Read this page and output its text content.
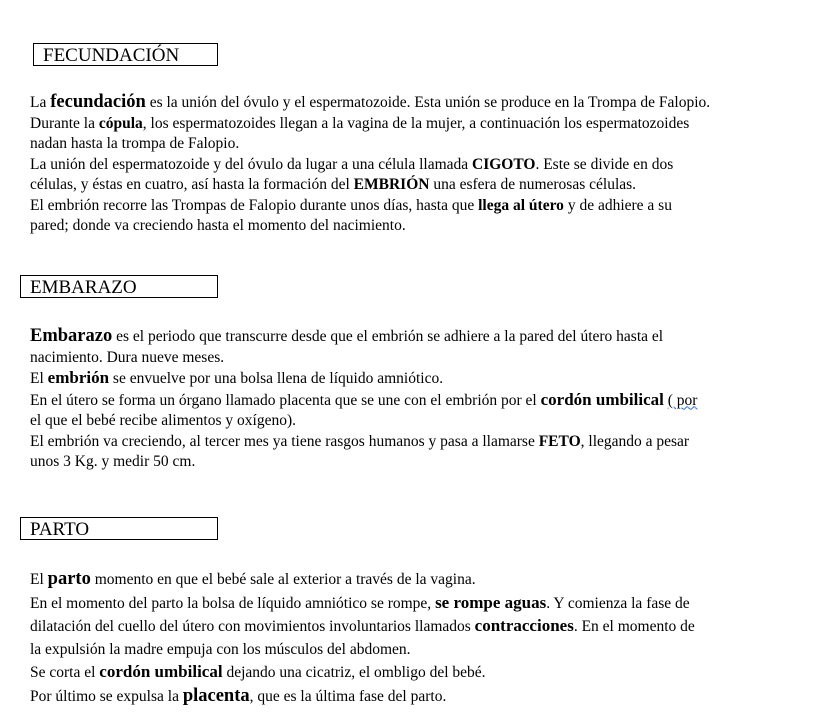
FECUNDACIÓN
La fecundación es la unión del óvulo y el espermatozoide. Esta unión se produce en la Trompa de Falopio.
Durante la cópula, los espermatozoides llegan a la vagina de la mujer, a continuación los espermatozoides
nadan hasta la trompa de Falopio.
La unión del espermatozoide y del óvulo da lugar a una célula llamada CIGOTO. Este se divide en dos
células, y éstas en cuatro, así hasta la formación del EMBRIÓN una esfera de numerosas células.
El embrión recorre las Trompas de Falopio durante unos días, hasta que llega al útero y de adhiere a su
pared; donde va creciendo hasta el momento del nacimiento.
EMBARAZO
Embarazo es el periodo que transcurre desde que el embrión se adhiere a la pared del útero hasta el
nacimiento. Dura nueve meses.
El embrión se envuelve por una bolsa llena de líquido amniótico.
En el útero se forma un órgano llamado placenta que se une con el embrión por el cordón umbilical ( por
el que el bebé recibe alimentos y oxígeno).
El embrión va creciendo, al tercer mes ya tiene rasgos humanos y pasa a llamarse FETO, llegando a pesar
unos 3 Kg. y medir 50 cm.
PARTO
El parto momento en que el bebé sale al exterior a través de la vagina.
En el momento del parto la bolsa de líquido amniótico se rompe, se rompe aguas. Y comienza la fase de
dilatación del cuello del útero con movimientos involuntarios llamados contracciones. En el momento de
la expulsión la madre empuja con los músculos del abdomen.
Se corta el cordón umbilical dejando una cicatriz, el ombligo del bebé.
Por último se expulsa la placenta, que es la última fase del parto.
